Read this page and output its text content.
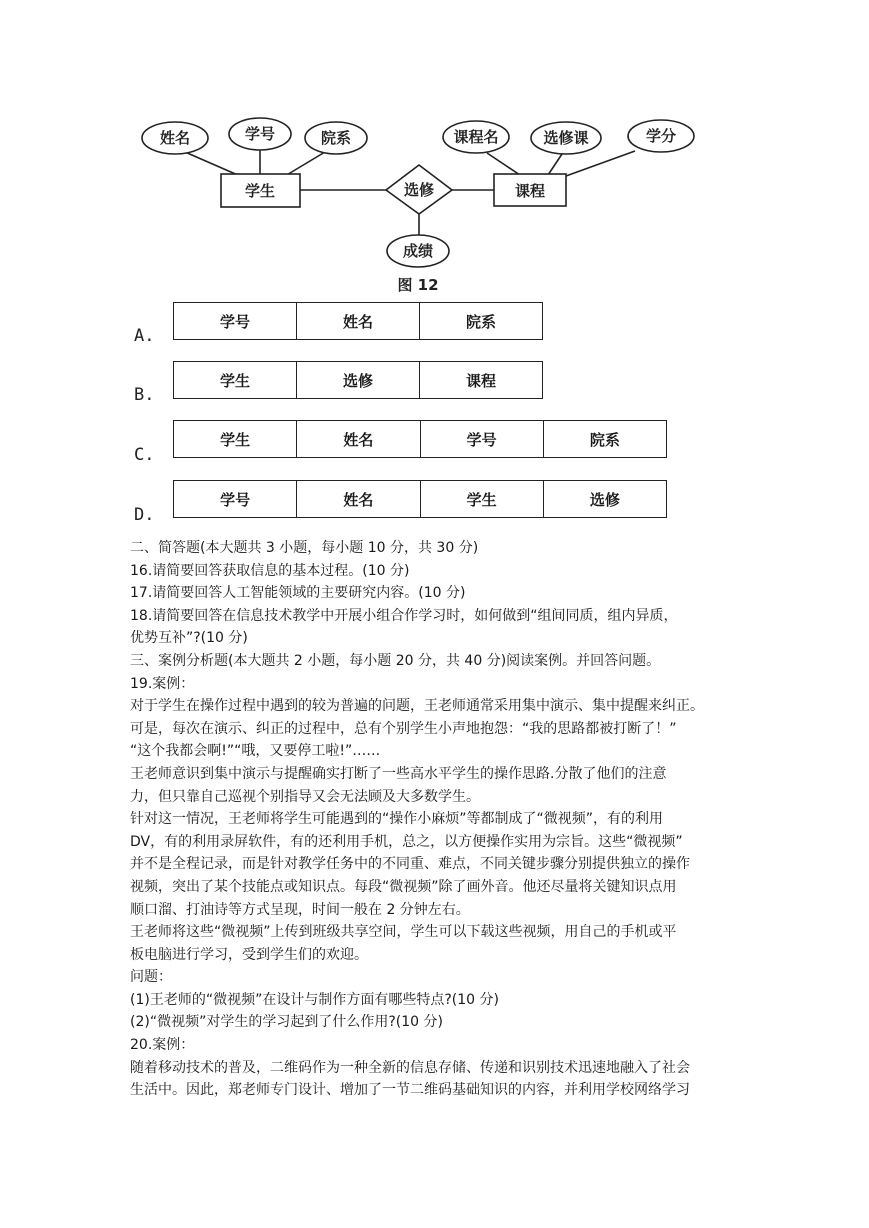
学生	课程
选修
姓名	学号	院系	课程名	选修课	学分
成绩
图 12
A.
学号	姓名	院系
B.
学生	选修	课程
C.
学生	姓名	学号	院系
D.
学号	姓名	学生	选修

二、简答题(本大题共 3 小题，每小题 10 分，共 30 分)

16.请简要回答获取信息的基本过程。(10 分)

17.请简要回答人工智能领域的主要研究内容。(10 分)

18.请简要回答在信息技术教学中开展小组合作学习时，如何做到“组间同质，组内异质，

优势互补”?(10 分)

三、案例分析题(本大题共 2 小题，每小题 20 分，共 40 分)阅读案例。并回答问题。

19.案例：

对于学生在操作过程中遇到的较为普遍的问题，王老师通常采用集中演示、集中提醒来纠正。

可是，每次在演示、纠正的过程中，总有个别学生小声地抱怨：“我的思路都被打断了！”

“这个我都会啊!”“哦，又要停工啦!”……

王老师意识到集中演示与提醒确实打断了一些高水平学生的操作思路.分散了他们的注意

力，但只靠自己巡视个别指导又会无法顾及大多数学生。

针对这一情况，王老师将学生可能遇到的“操作小麻烦”等都制成了“微视频”，有的利用

DV，有的利用录屏软件，有的还利用手机，总之，以方便操作实用为宗旨。这些“微视频”

并不是全程记录，而是针对教学任务中的不同重、难点，不同关键步骤分别提供独立的操作

视频，突出了某个技能点或知识点。每段“微视频”除了画外音。他还尽量将关键知识点用

顺口溜、打油诗等方式呈现，时间一般在 2 分钟左右。

王老师将这些“微视频”上传到班级共享空间，学生可以下载这些视频，用自己的手机或平

板电脑进行学习，受到学生们的欢迎。

问题：

(1)王老师的“微视频”在设计与制作方面有哪些特点?(10 分)

(2)“微视频”对学生的学习起到了什么作用?(10 分)

20.案例：

随着移动技术的普及，二维码作为一种全新的信息存储、传递和识别技术迅速地融入了社会

生活中。因此，郑老师专门设计、增加了一节二维码基础知识的内容，并利用学校网络学习
